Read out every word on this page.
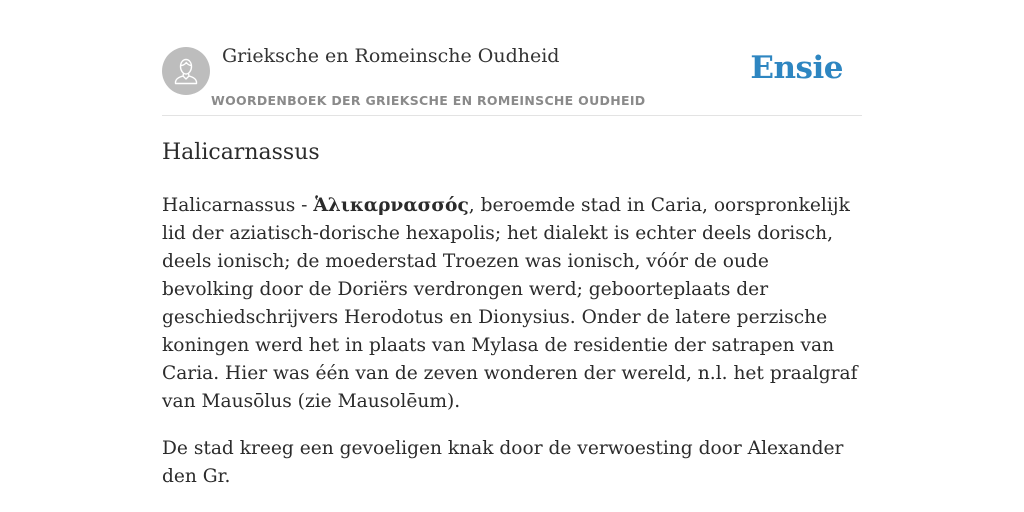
Grieksche en Romeinsche Oudheid
WOORDENBOEK DER GRIEKSCHE EN ROMEINSCHE OUDHEID
Ensie
Halicarnassus

Halicarnassus - Ἁλικαρνασσός, beroemde stad in Caria, oorspronkelijk lid der aziatisch-dorische hexapolis; het dialekt is echter deels dorisch, deels ionisch; de moederstad Troezen was ionisch, vóór de oude bevolking door de Doriërs verdrongen werd; geboorteplaats der geschiedschrijvers Herodotus en Dionysius. Onder de latere perzische koningen werd het in plaats van Mylasa de residentie der satrapen van Caria. Hier was één van de zeven wonderen der wereld, n.l. het praalgraf van Mausōlus (zie Mausolēum).

De stad kreeg een gevoeligen knak door de verwoesting door Alexander den Gr.
